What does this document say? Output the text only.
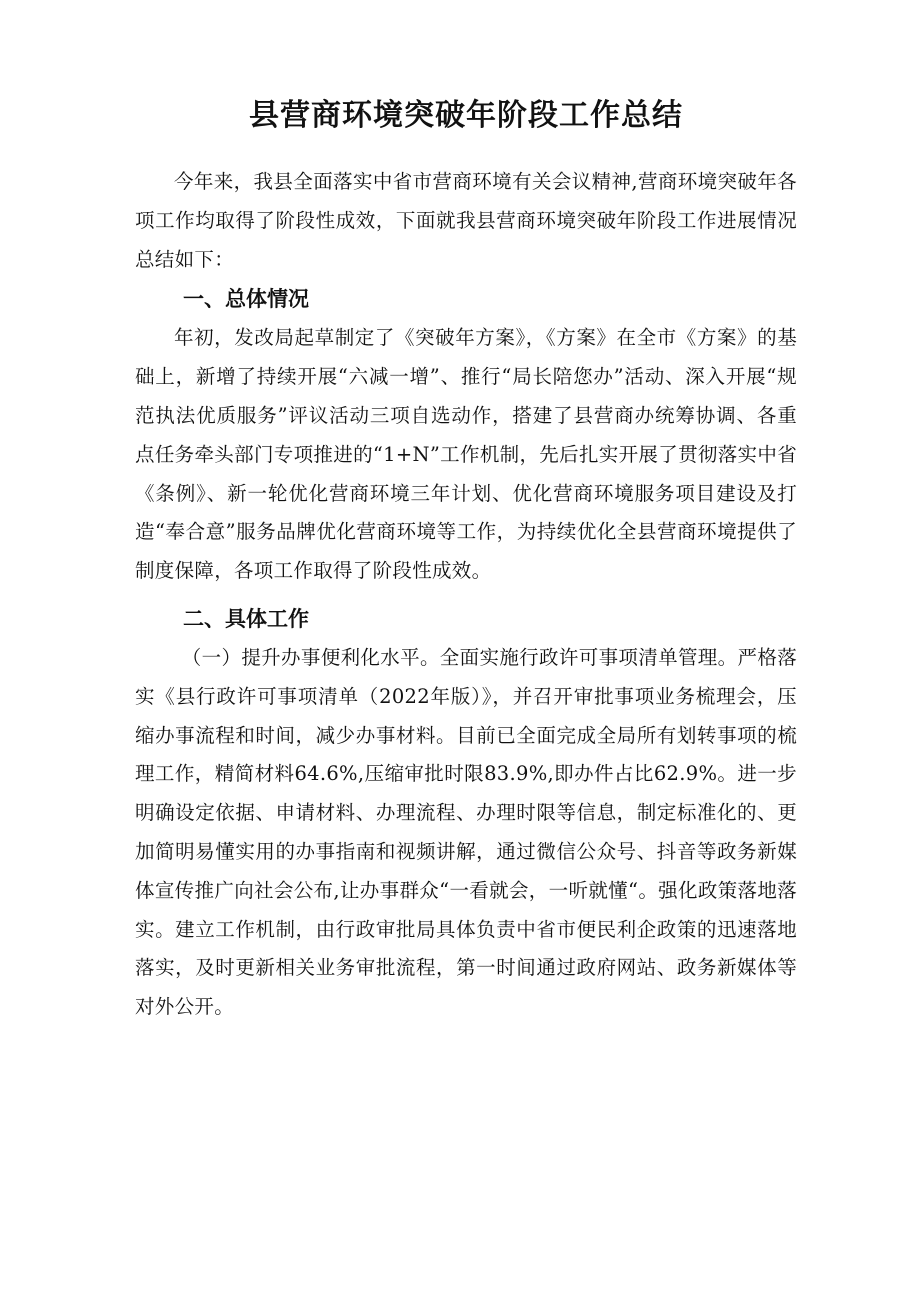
县营商环境突破年阶段工作总结

今年来，我县全面落实中省市营商环境有关会议精神,营商环境突破年各项工作均取得了阶段性成效，下面就我县营商环境突破年阶段工作进展情况总结如下：

一、总体情况

年初，发改局起草制定了《突破年方案》，《方案》在全市《方案》的基础上，新增了持续开展“六减一增”、推行“局长陪您办”活动、深入开展“规范执法优质服务”评议活动三项自选动作，搭建了县营商办统筹协调、各重点任务牵头部门专项推进的“1+N”工作机制，先后扎实开展了贯彻落实中省《条例》、新一轮优化营商环境三年计划、优化营商环境服务项目建设及打造“奉合意”服务品牌优化营商环境等工作，为持续优化全县营商环境提供了制度保障，各项工作取得了阶段性成效。

二、具体工作

（一）提升办事便利化水平。全面实施行政许可事项清单管理。严格落实《县行政许可事项清单（2022年版）》，并召开审批事项业务梳理会，压缩办事流程和时间，减少办事材料。目前已全面完成全局所有划转事项的梳理工作，精简材料64.6%,压缩审批时限83.9%,即办件占比62.9%。进一步明确设定依据、申请材料、办理流程、办理时限等信息，制定标准化的、更加简明易懂实用的办事指南和视频讲解，通过微信公众号、抖音等政务新媒体宣传推广向社会公布,让办事群众“一看就会，一听就懂“。强化政策落地落实。建立工作机制，由行政审批局具体负责中省市便民利企政策的迅速落地落实，及时更新相关业务审批流程，第一时间通过政府网站、政务新媒体等对外公开。
